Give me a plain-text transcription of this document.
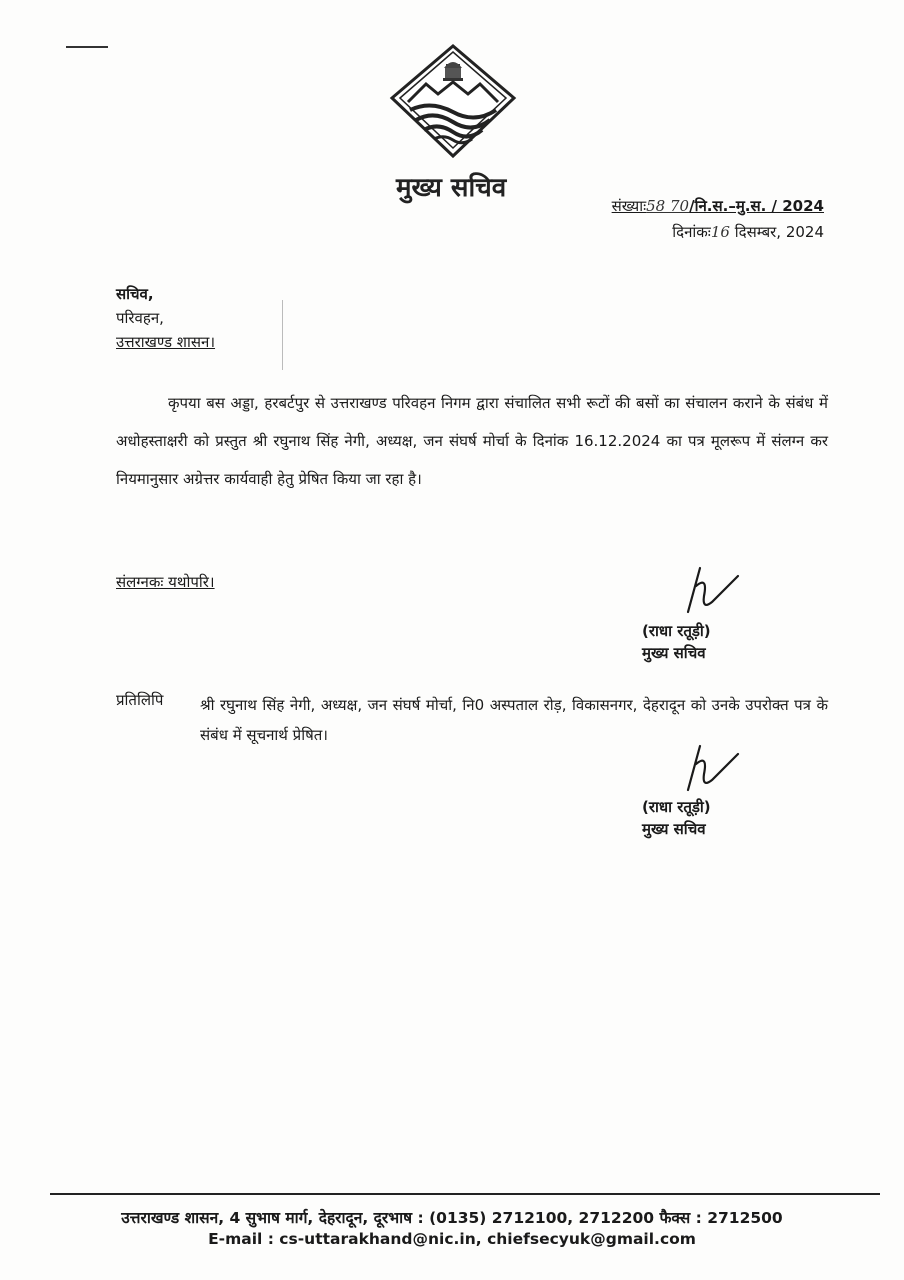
मुख्य सचिव
संख्याः58 70/नि.स.–मु.स. / 2024
दिनांकः16 दिसम्बर, 2024
सचिव,
परिवहन,
उत्तराखण्ड शासन।
कृपया बस अड्डा, हरबर्टपुर से उत्तराखण्ड परिवहन निगम द्वारा संचालित सभी रूटों की बसों का संचालन कराने के संबंध में अधोहस्ताक्षरी को प्रस्तुत श्री रघुनाथ सिंह नेगी, अध्यक्ष, जन संघर्ष मोर्चा के दिनांक 16.12.2024 का पत्र मूलरूप में संलग्न कर नियमानुसार अग्रेत्तर कार्यवाही हेतु प्रेषित किया जा रहा है।
संलग्नकः यथोपरि।
(राधा रतूड़ी)
मुख्य सचिव
प्रतिलिपि श्री रघुनाथ सिंह नेगी, अध्यक्ष, जन संघर्ष मोर्चा, नि0 अस्पताल रोड़, विकासनगर, देहरादून को उनके उपरोक्त पत्र के संबंध में सूचनार्थ प्रेषित।
(राधा रतूड़ी)
मुख्य सचिव
उत्तराखण्ड शासन, 4 सुभाष मार्ग, देहरादून, दूरभाष : (0135) 2712100, 2712200 फैक्स : 2712500
E-mail : cs-uttarakhand@nic.in, chiefsecyuk@gmail.com
